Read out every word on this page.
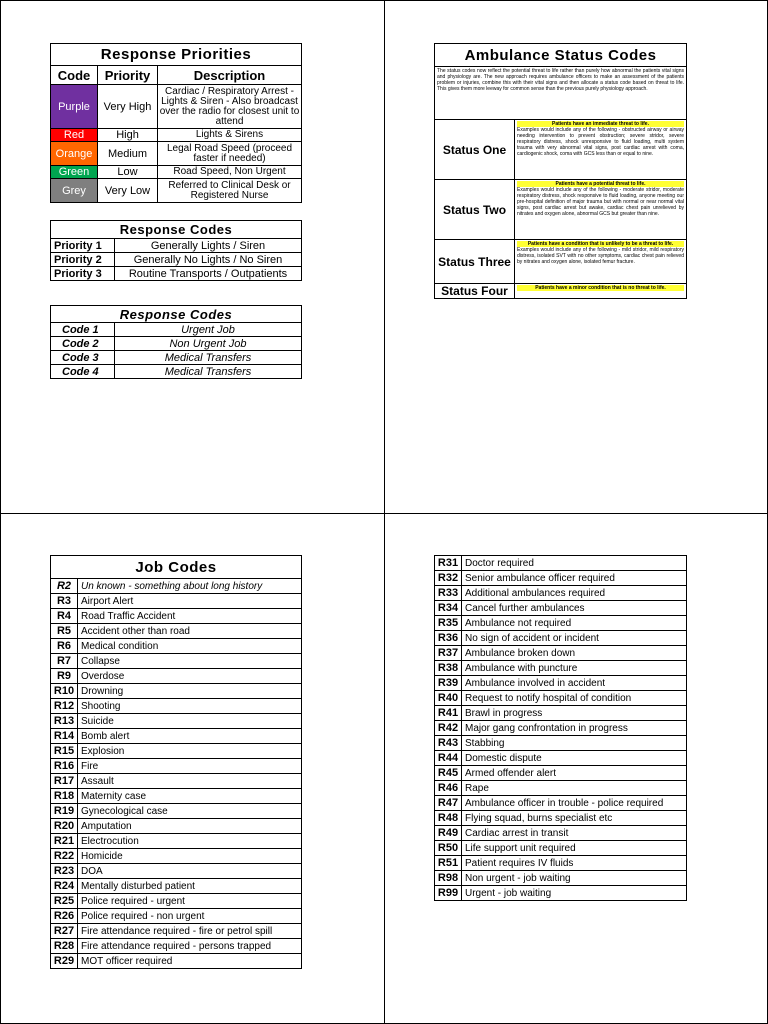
Response Priorities		
Code	Priority	Description
Purple	Very High	Cardiac / Respiratory Arrest - Lights & Siren - Also broadcast over the radio for closest unit to attend
Red	High	Lights & Sirens
Orange	Medium	Legal Road Speed (proceed faster if needed)
Green	Low	Road Speed, Non Urgent
Grey	Very Low	Referred to Clinical Desk or Registered Nurse
Response Codes	
Priority 1	Generally Lights / Siren
Priority 2	Generally No Lights / No Siren
Priority 3	Routine Transports / Outpatients
Response Codes	
Code 1	Urgent Job
Code 2	Non Urgent Job
Code 3	Medical Transfers
Code 4	Medical Transfers
Ambulance Status Codes	
The status codes now reflect the potential threat to life rather than purely how abnormal the patients vital signs and physiology are. The new approach requires ambulance officers to make an assessment of the patients problem or injuries, combine this with their vital signs and then allocate a status code based on threat to life. This gives them more leeway for common sense than the previous purely physiology approach.	
Status One	Patients have an immediate threat to life.
Examples would include any of the following - obstructed airway or airway needing intervention to prevent obstruction; severe stridor, severe respiratory distress, shock unresponsive to fluid loading, multi system trauma with very abnormal vital signs, post cardiac arrest with coma, cardiogenic shock, coma with GCS less than or equal to nine.
Status Two	Patients have a potential threat to life.
Examples would include any of the following - moderate stridor, moderate respiratory distress, shock responsive to fluid loading, anyone meeting our pre-hospital definition of major trauma but with normal or near normal vital signs, post cardiac arrest but awake, cardiac chest pain unrelieved by nitrates and oxygen alone, abnormal GCS but greater than nine.
Status Three	Patients have a condition that is unlikely to be a threat to life.
Examples would include any of the following - mild stridor, mild respiratory distress, isolated SVT with no other symptoms, cardiac chest pain relieved by nitrates and oxygen alone, isolated femur fracture.
Status Four	Patients have a minor condition that is no threat to life.
Job Codes	
R2	Un known - something about long history
R3	Airport Alert
R4	Road Traffic Accident
R5	Accident other than road
R6	Medical condition
R7	Collapse
R9	Overdose
R10	Drowning
R12	Shooting
R13	Suicide
R14	Bomb alert
R15	Explosion
R16	Fire
R17	Assault
R18	Maternity case
R19	Gynecological case
R20	Amputation
R21	Electrocution
R22	Homicide
R23	DOA
R24	Mentally disturbed patient
R25	Police required - urgent
R26	Police required - non urgent
R27	Fire attendance required - fire or petrol spill
R28	Fire attendance required - persons trapped
R29	MOT officer required
R31	Doctor required
R32	Senior ambulance officer required
R33	Additional ambulances required
R34	Cancel further ambulances
R35	Ambulance not required
R36	No sign of accident or incident
R37	Ambulance broken down
R38	Ambulance with puncture
R39	Ambulance involved in accident
R40	Request to notify hospital of condition
R41	Brawl in progress
R42	Major gang confrontation in progress
R43	Stabbing
R44	Domestic dispute
R45	Armed offender alert
R46	Rape
R47	Ambulance officer in trouble - police required
R48	Flying squad, burns specialist etc
R49	Cardiac arrest in transit
R50	Life support unit required
R51	Patient requires IV fluids
R98	Non urgent - job waiting
R99	Urgent - job waiting
